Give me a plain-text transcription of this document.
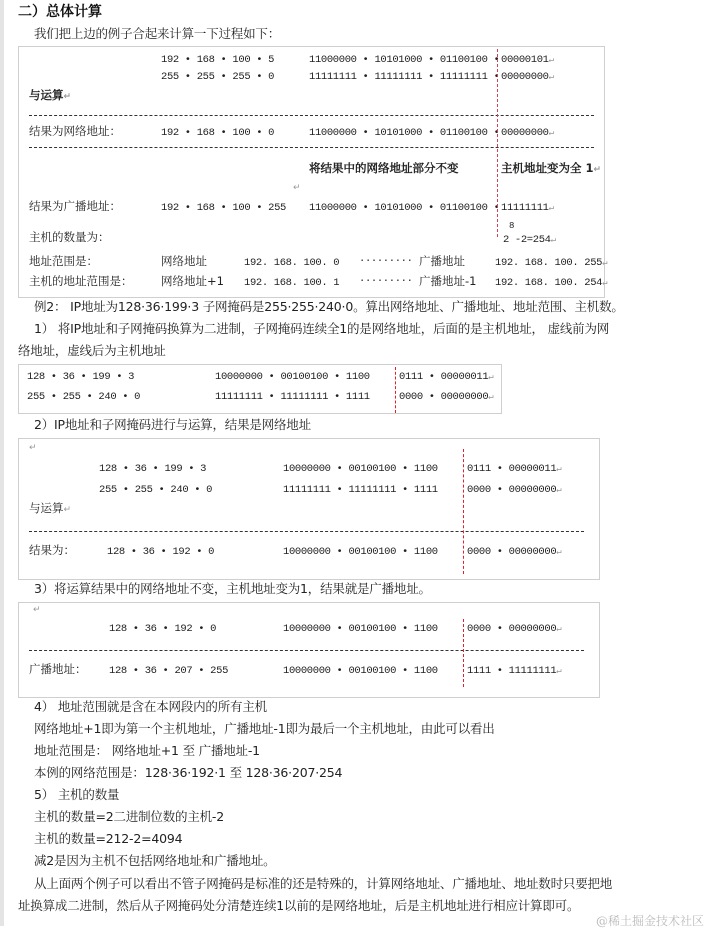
二）总体计算
我们把上边的例子合起来计算一下过程如下：
192 • 168 • 100 • 5	11000000 • 10101000 • 01100100 • 00000101↵
255 • 255 • 255 • 0	11111111 • 11111111 • 11111111 • 00000000↵
与运算↵
结果为网络地址：	192 • 168 • 100 • 0	11000000 • 10101000 • 01100100 • 00000000↵
将结果中的网络地址部分不变	主机地址变为全 1↵
↵
结果为广播地址：	192 • 168 • 100 • 255 11000000 • 10101000 • 01100100 • 11111111↵
主机的数量为：
8
2 -2=254↵
地址范围是：	网络地址	192. 168. 100. 0 ········· 广播地址	192. 168. 100. 255↵
主机的地址范围是： 网络地址+1 192. 168. 100. 1 ········· 广播地址-1 192. 168. 100. 254↵
例2： IP地址为128·36·199·3 子网掩码是255·255·240·0。算出网络地址、广播地址、地址范围、主机数。
1） 将IP地址和子网掩码换算为二进制，子网掩码连续全1的是网络地址，后面的是主机地址， 虚线前为网
络地址，虚线后为主机地址
128 • 36 • 199 • 3	10000000 • 00100100 • 1100	0111 • 00000011↵
255 • 255 • 240 • 0	11111111 • 11111111 • 1111	0000 • 00000000↵
2）IP地址和子网掩码进行与运算，结果是网络地址
↵
128 • 36 • 199 • 3	10000000 • 00100100 • 1100	0111 • 00000011↵
255 • 255 • 240 • 0	11111111 • 11111111 • 1111	0000 • 00000000↵
与运算↵
结果为：	128 • 36 • 192 • 0	10000000 • 00100100 • 1100	0000 • 00000000↵
3）将运算结果中的网络地址不变，主机地址变为1，结果就是广播地址。
↵
128 • 36 • 192 • 0	10000000 • 00100100 • 1100	0000 • 00000000↵
广播地址： 128 • 36 • 207 • 255	10000000 • 00100100 • 1100	1111 • 11111111↵
4） 地址范围就是含在本网段内的所有主机
网络地址+1即为第一个主机地址，广播地址-1即为最后一个主机地址，由此可以看出
地址范围是： 网络地址+1 至 广播地址-1
本例的网络范围是：128·36·192·1 至 128·36·207·254
5） 主机的数量
主机的数量=2二进制位数的主机-2
主机的数量=212-2=4094
减2是因为主机不包括网络地址和广播地址。
从上面两个例子可以看出不管子网掩码是标准的还是特殊的，计算网络地址、广播地址、地址数时只要把地
址换算成二进制，然后从子网掩码处分清楚连续1以前的是网络地址，后是主机地址进行相应计算即可。
@稀土掘金技术社区
